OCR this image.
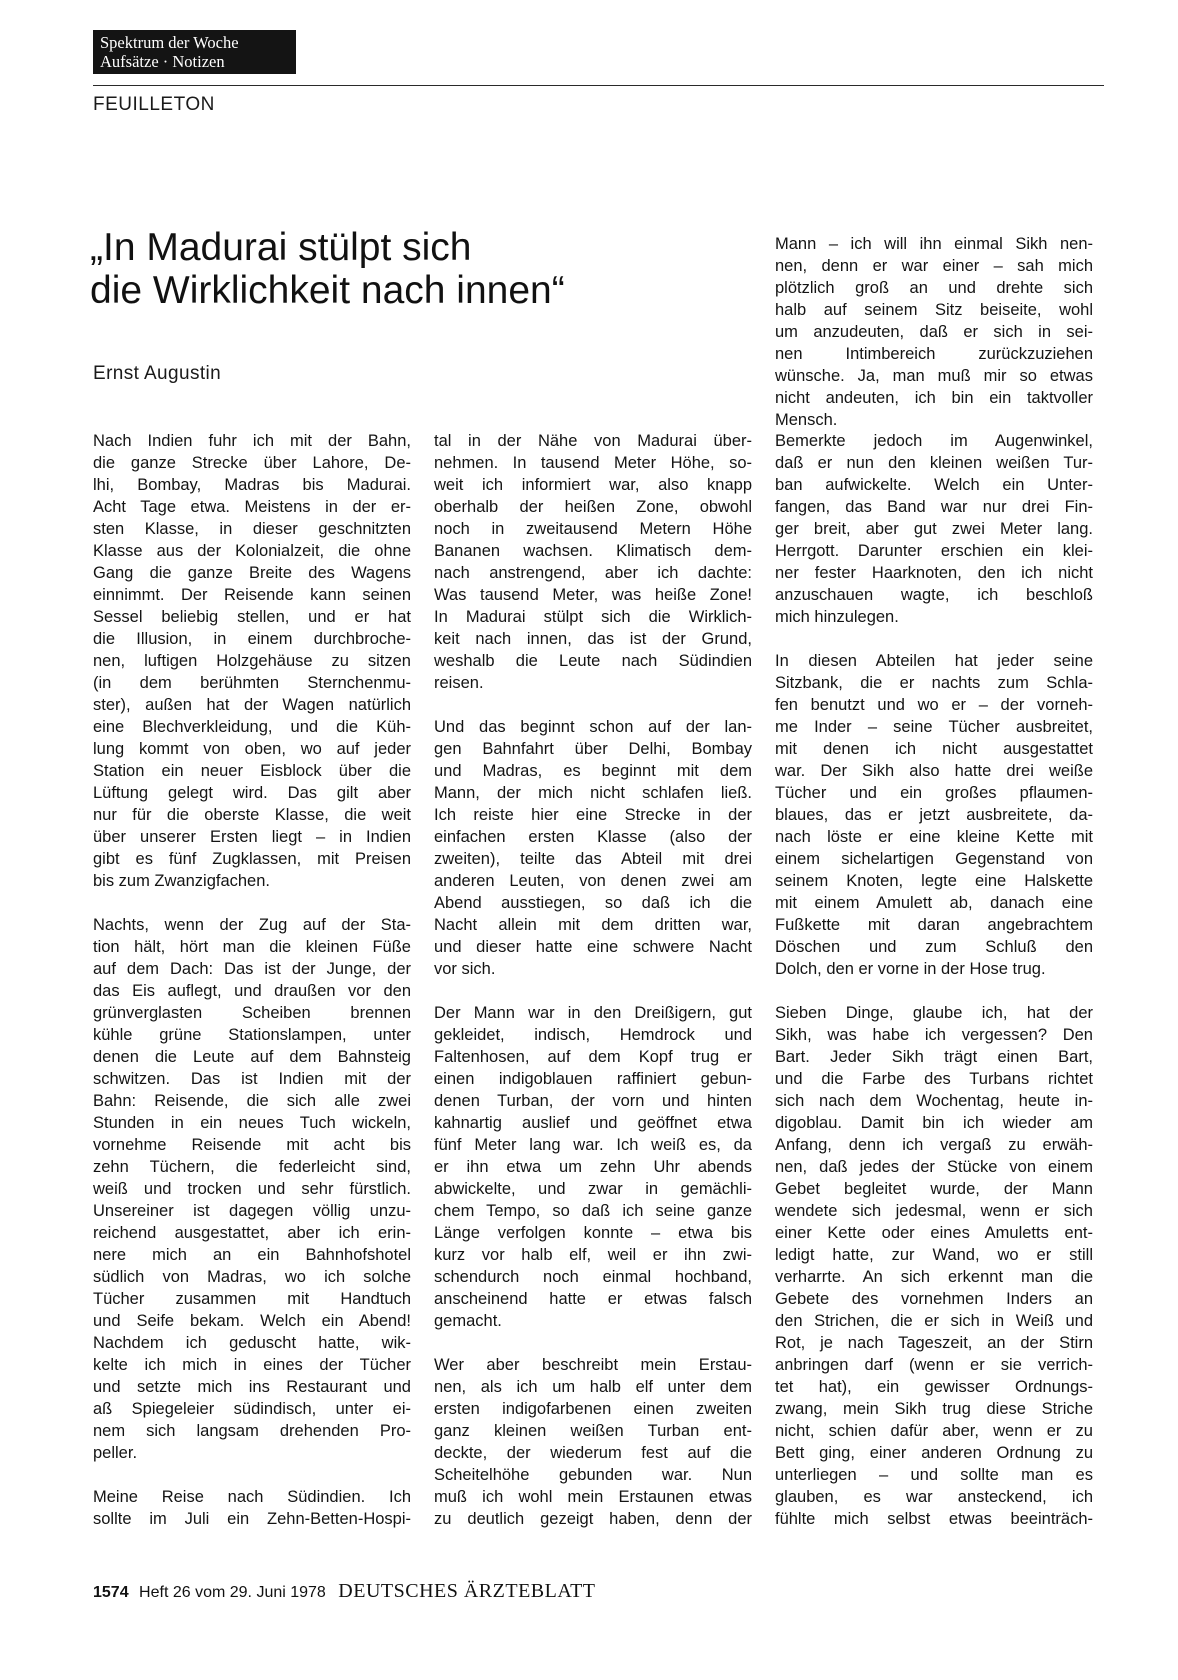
Spektrum der Woche
Aufsätze · Notizen
FEUILLETON
„In Madurai stülpt sich
die Wirklichkeit nach innen“
Ernst Augustin
Nach Indien fuhr ich mit der Bahn,
die ganze Strecke über Lahore, De-
lhi, Bombay, Madras bis Madurai.
Acht Tage etwa. Meistens in der er-
sten Klasse, in dieser geschnitzten
Klasse aus der Kolonialzeit, die ohne
Gang die ganze Breite des Wagens
einnimmt. Der Reisende kann seinen
Sessel beliebig stellen, und er hat
die Illusion, in einem durchbroche-
nen, luftigen Holzgehäuse zu sitzen
(in dem berühmten Sternchenmu-
ster), außen hat der Wagen natürlich
eine Blechverkleidung, und die Küh-
lung kommt von oben, wo auf jeder
Station ein neuer Eisblock über die
Lüftung gelegt wird. Das gilt aber
nur für die oberste Klasse, die weit
über unserer Ersten liegt – in Indien
gibt es fünf Zugklassen, mit Preisen
bis zum Zwanzigfachen.
Nachts, wenn der Zug auf der Sta-
tion hält, hört man die kleinen Füße
auf dem Dach: Das ist der Junge, der
das Eis auflegt, und draußen vor den
grünverglasten Scheiben brennen
kühle grüne Stationslampen, unter
denen die Leute auf dem Bahnsteig
schwitzen. Das ist Indien mit der
Bahn: Reisende, die sich alle zwei
Stunden in ein neues Tuch wickeln,
vornehme Reisende mit acht bis
zehn Tüchern, die federleicht sind,
weiß und trocken und sehr fürstlich.
Unsereiner ist dagegen völlig unzu-
reichend ausgestattet, aber ich erin-
nere mich an ein Bahnhofshotel
südlich von Madras, wo ich solche
Tücher zusammen mit Handtuch
und Seife bekam. Welch ein Abend!
Nachdem ich geduscht hatte, wik-
kelte ich mich in eines der Tücher
und setzte mich ins Restaurant und
aß Spiegeleier südindisch, unter ei-
nem sich langsam drehenden Pro-
peller.
Meine Reise nach Südindien. Ich
sollte im Juli ein Zehn-Betten-Hospi-
tal in der Nähe von Madurai über-
nehmen. In tausend Meter Höhe, so-
weit ich informiert war, also knapp
oberhalb der heißen Zone, obwohl
noch in zweitausend Metern Höhe
Bananen wachsen. Klimatisch dem-
nach anstrengend, aber ich dachte:
Was tausend Meter, was heiße Zone!
In Madurai stülpt sich die Wirklich-
keit nach innen, das ist der Grund,
weshalb die Leute nach Südindien
reisen.
Und das beginnt schon auf der lan-
gen Bahnfahrt über Delhi, Bombay
und Madras, es beginnt mit dem
Mann, der mich nicht schlafen ließ.
Ich reiste hier eine Strecke in der
einfachen ersten Klasse (also der
zweiten), teilte das Abteil mit drei
anderen Leuten, von denen zwei am
Abend ausstiegen, so daß ich die
Nacht allein mit dem dritten war,
und dieser hatte eine schwere Nacht
vor sich.
Der Mann war in den Dreißigern, gut
gekleidet, indisch, Hemdrock und
Faltenhosen, auf dem Kopf trug er
einen indigoblauen raffiniert gebun-
denen Turban, der vorn und hinten
kahnartig auslief und geöffnet etwa
fünf Meter lang war. Ich weiß es, da
er ihn etwa um zehn Uhr abends
abwickelte, und zwar in gemächli-
chem Tempo, so daß ich seine ganze
Länge verfolgen konnte – etwa bis
kurz vor halb elf, weil er ihn zwi-
schendurch noch einmal hochband,
anscheinend hatte er etwas falsch
gemacht.
Wer aber beschreibt mein Erstau-
nen, als ich um halb elf unter dem
ersten indigofarbenen einen zweiten
ganz kleinen weißen Turban ent-
deckte, der wiederum fest auf die
Scheitelhöhe gebunden war. Nun
muß ich wohl mein Erstaunen etwas
zu deutlich gezeigt haben, denn der
Mann – ich will ihn einmal Sikh nen-
nen, denn er war einer – sah mich
plötzlich groß an und drehte sich
halb auf seinem Sitz beiseite, wohl
um anzudeuten, daß er sich in sei-
nen Intimbereich zurückzuziehen
wünsche. Ja, man muß mir so etwas
nicht andeuten, ich bin ein taktvoller
Mensch.
Bemerkte jedoch im Augenwinkel,
daß er nun den kleinen weißen Tur-
ban aufwickelte. Welch ein Unter-
fangen, das Band war nur drei Fin-
ger breit, aber gut zwei Meter lang.
Herrgott. Darunter erschien ein klei-
ner fester Haarknoten, den ich nicht
anzuschauen wagte, ich beschloß
mich hinzulegen.
In diesen Abteilen hat jeder seine
Sitzbank, die er nachts zum Schla-
fen benutzt und wo er – der vorneh-
me Inder – seine Tücher ausbreitet,
mit denen ich nicht ausgestattet
war. Der Sikh also hatte drei weiße
Tücher und ein großes pflaumen-
blaues, das er jetzt ausbreitete, da-
nach löste er eine kleine Kette mit
einem sichelartigen Gegenstand von
seinem Knoten, legte eine Halskette
mit einem Amulett ab, danach eine
Fußkette mit daran angebrachtem
Döschen und zum Schluß den
Dolch, den er vorne in der Hose trug.
Sieben Dinge, glaube ich, hat der
Sikh, was habe ich vergessen? Den
Bart. Jeder Sikh trägt einen Bart,
und die Farbe des Turbans richtet
sich nach dem Wochentag, heute in-
digoblau. Damit bin ich wieder am
Anfang, denn ich vergaß zu erwäh-
nen, daß jedes der Stücke von einem
Gebet begleitet wurde, der Mann
wendete sich jedesmal, wenn er sich
einer Kette oder eines Amuletts ent-
ledigt hatte, zur Wand, wo er still
verharrte. An sich erkennt man die
Gebete des vornehmen Inders an
den Strichen, die er sich in Weiß und
Rot, je nach Tageszeit, an der Stirn
anbringen darf (wenn er sie verrich-
tet hat), ein gewisser Ordnungs-
zwang, mein Sikh trug diese Striche
nicht, schien dafür aber, wenn er zu
Bett ging, einer anderen Ordnung zu
unterliegen – und sollte man es
glauben, es war ansteckend, ich
fühlte mich selbst etwas beeinträch-
1574 Heft 26 vom 29. Juni 1978 DEUTSCHES ÄRZTEBLATT
